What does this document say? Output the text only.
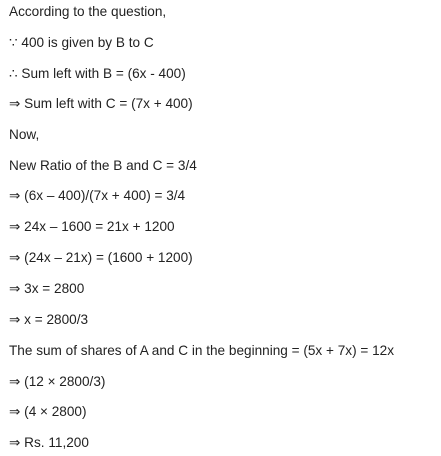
According to the question,
∵ 400 is given by B to C
∴ Sum left with B = (6x - 400)
⇒ Sum left with C = (7x + 400)
Now,
New Ratio of the B and C = 3/4
⇒ (6x – 400)/(7x + 400) = 3/4
⇒ 24x – 1600 = 21x + 1200
⇒ (24x – 21x) = (1600 + 1200)
⇒ 3x = 2800
⇒ x = 2800/3
The sum of shares of A and C in the beginning = (5x + 7x) = 12x
⇒ (12 × 2800/3)
⇒ (4 × 2800)
⇒ Rs. 11,200
